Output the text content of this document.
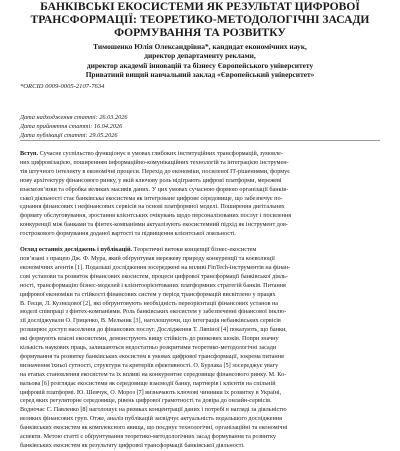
БАНКІВСЬКІ ЕКОСИСТЕМИ ЯК РЕЗУЛЬТАТ ЦИФРОВОЇ
ТРАНСФОРМАЦІЇ: ТЕОРЕТИКО-МЕТОДОЛОГІЧНІ ЗАСАДИ
ФОРМУВАННЯ ТА РОЗВИТКУ
Тимошенко Юлія Олександрівна*, кандидат економічних наук,
директор департаменту реклами,
директор академії інновацій та бізнесу Європейського університету
Приватний вищий навчальний заклад «Європейський університет»
*ORCID 0009-0005-2107-7634
Дата надходження статті: 26.03.2026
Дата прийняття статті: 16.04.2026
Дата публікації статті: 29.05.2026
Вступ. Сучасне суспільство функціонує в умовах глибоких інституційних трансформацій, зумовле-
них цифровізацією, поширенням інформаційно-комунікаційних технологій та інтеграцією інструмен-
тів штучного інтелекту в економічні процеси. Перехід до економіки, посиленої ІТ-рішеннями, формує
нову архітектуру фінансового ринку, у якій ключову роль відіграють цифрові платформи, мережеві
взаємозв’язки та обробка великих масивів даних. У цих умовах сучасною формою організації банків-
ської діяльності стає банківська екосистема як інтегроване цифрове середовище, що забезпечує по-
єднання фінансових і нефінансових сервісів на основі платформної моделі. Поширення дигітальних
формату обслуговування, зростання клієнтських очікувань щодо персоналізованих послуг і посилення
конкуренції між банками та фінтех-компаніями актуалізують екосистемний підхід як інструмент дов-
гострокового формування доданої вартості та підвищення клієнтської лояльності.
Огляд останніх досліджень і публікацій. Теоретичні витоки концепції бізнес-екосистем
пов’язані з працею Дж. Ф. Мура, який обґрунтував мережеву природу конкуренції та коеволюції
економічних агентів [1]. Подальші дослідження зосереджені на впливі FinTech-інструментів на фінан-
сові установи та розвиток фінансових екосистем, процеси цифрової трансформації банківської діяль-
ності, трансформацію бізнес-моделей і клієнтоорієнтованих платформних стратегій банків. Питання
цифрової економіки та стійкості фінансових систем у період трансформацій висвітлено у працях
В. Геєця, Л. Кузнєцової [2], які обґрунтовують необхідність переорієнтації фінансових установ на
моделі співпраці з фінтех-компаніями. Роль банківських екосистем у забезпеченні фінансової інклю-
зії досліджували О. Гриценко, В. Мельник [3], наголошуючи, що інтеграція небанківських сервісів
розширює доступ населення до фінансових послуг. Дослідження Т. Ляпіної [4] показують, що банки,
які формують власні екосистеми, демонструють вищу стійкість до ринкових шоків. Попри значну
кількість наукових праць, залишаються недостатньо розкритими теоретико-методологічні засади
формування та розвитку банківських екосистем в умовах цифрової трансформації, зокрема питання
визначення їхньої сутності, структури та критеріїв ефективності. О. Бурлака [5] зосереджує увагу
на етапах становлення екосистем та їх впливі на конкурентне середовище фінансового ринку. М. Ко-
вальова [6] розглядає екосистеми як середовище взаємодії банку, партнерів і клієнтів на спільній
цифровій платформі. Ю. Шевчук, О. Мороз [7] визначають ключові чинники їх розвитку в Україні,
серед яких регуляторне середовище, рівень цифрової грамотності та довіра до онлайн-сервісів.
Водночас С. Павленко [8] наголошує на ризиках концентрації даних і потребі в нагляді за діяльністю
великих фінансових груп. Отже, аналіз публікацій засвідчує актуальність подальшого дослідження
банківських екосистем як комплексного явища, що поєднує технологічні, організаційні та економічні
аспекти. Метою статті є обґрунтування теоретико-методологічних засад формування та розвитку
банківських екосистем як результату цифрової трансформації банківської діяльності.
